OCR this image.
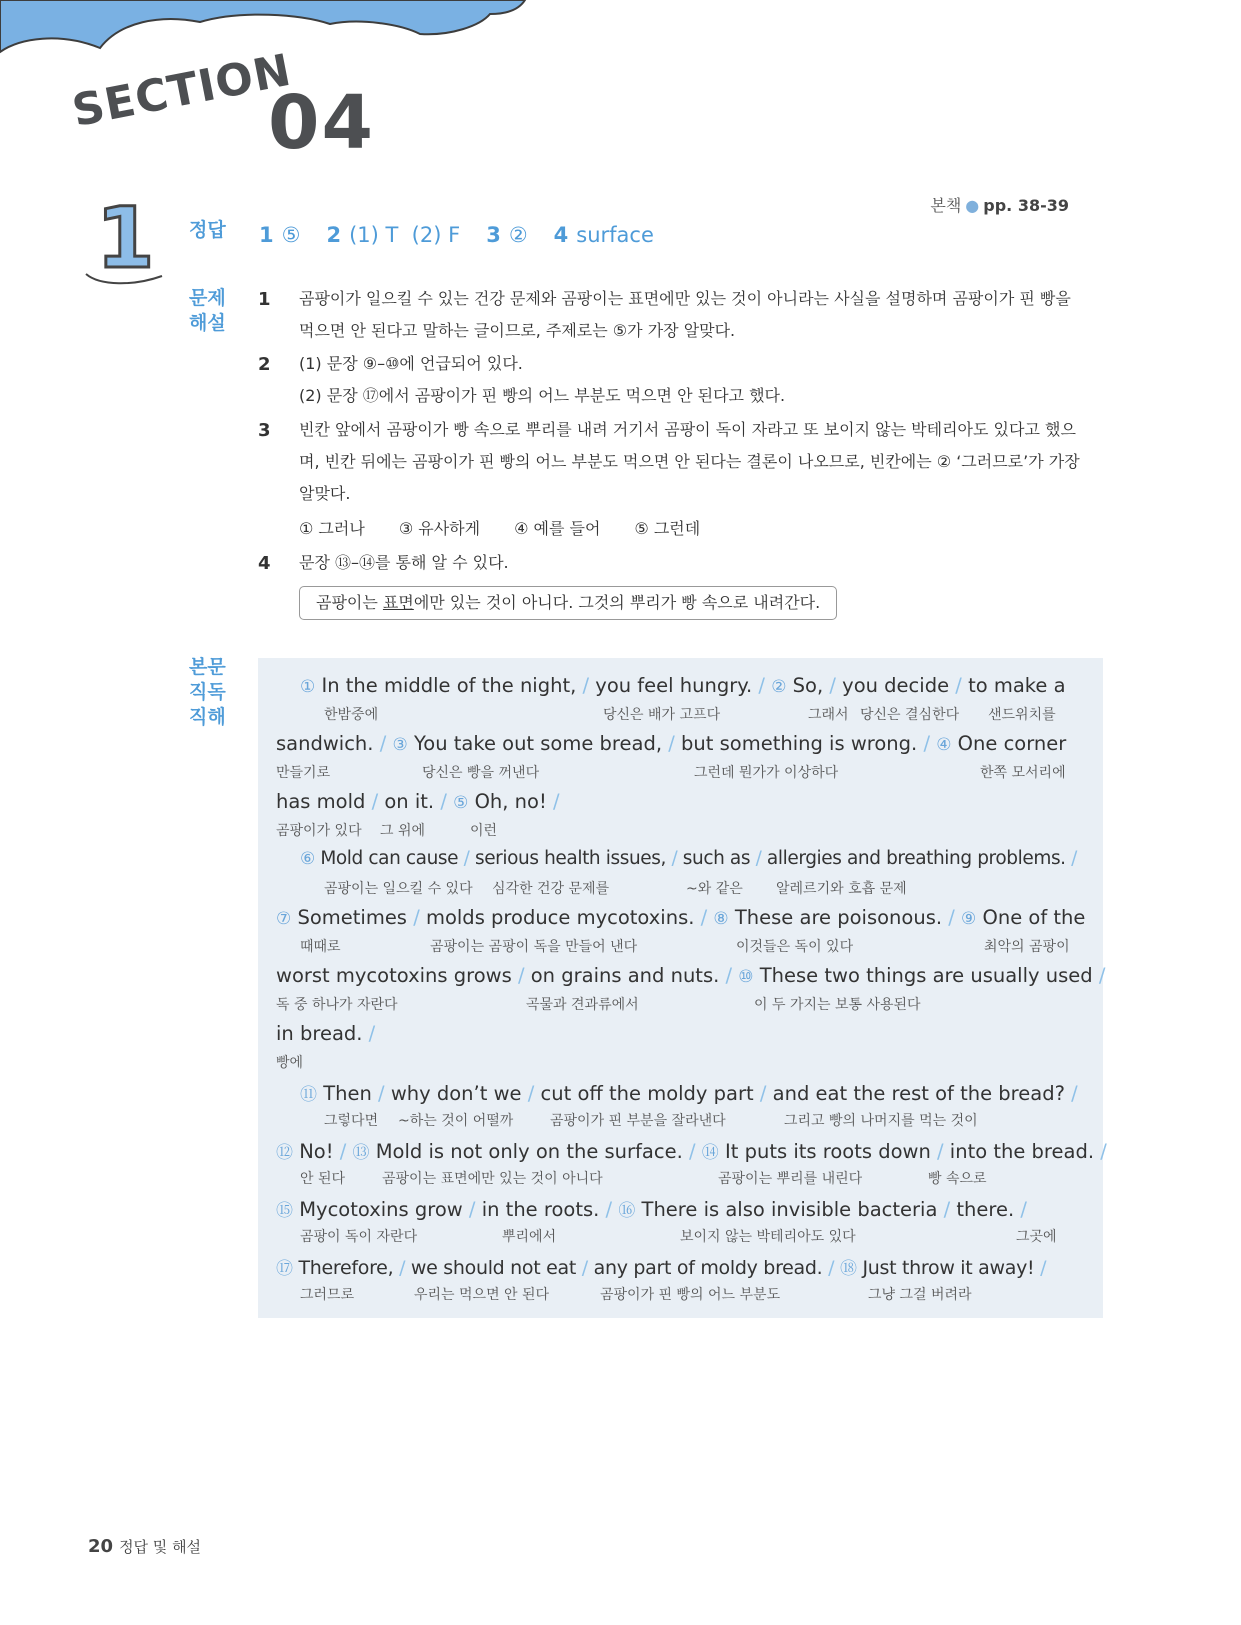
SECTION
04
본책 ● pp. 38-39
1 정답 1 ⑤ 2 (1) T  (2) F 3 ② 4 surface
문제
해설
1 곰팡이가 일으킬 수 있는 건강 문제와 곰팡이는 표면에만 있는 것이 아니라는 사실을 설명하며 곰팡이가 핀 빵을
먹으면 안 된다고 말하는 글이므로, 주제로는 ⑤가 가장 알맞다.
2 (1) 문장 ⑨–⑩에 언급되어 있다.
(2) 문장 ⑰에서 곰팡이가 핀 빵의 어느 부분도 먹으면 안 된다고 했다.
3 빈칸 앞에서 곰팡이가 빵 속으로 뿌리를 내려 거기서 곰팡이 독이 자라고 또 보이지 않는 박테리아도 있다고 했으
며, 빈칸 뒤에는 곰팡이가 핀 빵의 어느 부분도 먹으면 안 된다는 결론이 나오므로, 빈칸에는 ② ‘그러므로’가 가장
알맞다.
① 그러나 ③ 유사하게 ④ 예를 들어 ⑤ 그런데
4 문장 ⑬–⑭를 통해 알 수 있다.
곰팡이는 표면에만 있는 것이 아니다. 그것의 뿌리가 빵 속으로 내려간다.
본문
직독
직해
① In the middle of the night, / you feel hungry. / ② So, / you decide / to make a
한밤중에	당신은 배가 고프다	그래서 당신은 결심한다 샌드위치를
sandwich. / ③ You take out some bread, / but something is wrong. / ④ One corner
만들기로	당신은 빵을 꺼낸다	그런데 뭔가가 이상하다	한쪽 모서리에
has mold / on it. / ⑤ Oh, no! /
곰팡이가 있다 그 위에	이런
⑥ Mold can cause / serious health issues, / such as / allergies and breathing problems. /
곰팡이는 일으킬 수 있다 심각한 건강 문제를	~와 같은 알레르기와 호흡 문제
⑦ Sometimes / molds produce mycotoxins. / ⑧ These are poisonous. / ⑨ One of the
때때로	곰팡이는 곰팡이 독을 만들어 낸다	이것들은 독이 있다	최악의 곰팡이
worst mycotoxins grows / on grains and nuts. / ⑩ These two things are usually used /
독 중 하나가 자란다	곡물과 견과류에서	이 두 가지는 보통 사용된다
in bread. /
빵에
⑪ Then / why don’t we / cut off the moldy part / and eat the rest of the bread? /
그렇다면 ~하는 것이 어떨까	곰팡이가 핀 부분을 잘라낸다	그리고 빵의 나머지를 먹는 것이
⑫ No! / ⑬ Mold is not only on the surface. / ⑭ It puts its roots down / into the bread. /
안 된다	곰팡이는 표면에만 있는 것이 아니다	곰팡이는 뿌리를 내린다	빵 속으로
⑮ Mycotoxins grow / in the roots. / ⑯ There is also invisible bacteria / there. /
곰팡이 독이 자란다	뿌리에서	보이지 않는 박테리아도 있다	그곳에
⑰ Therefore, / we should not eat / any part of moldy bread. / ⑱ Just throw it away! /
그러므로	우리는 먹으면 안 된다	곰팡이가 핀 빵의 어느 부분도	그냥 그걸 버려라
20 정답 및 해설
